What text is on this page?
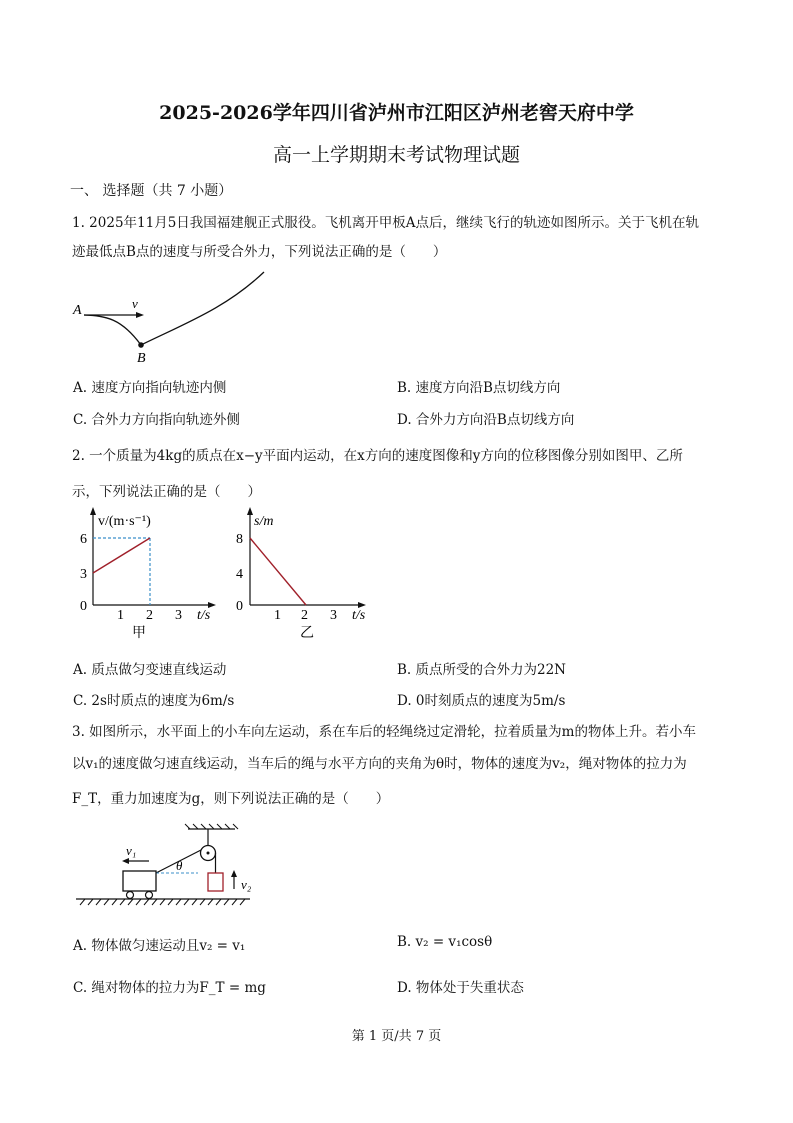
2025-2026学年四川省泸州市江阳区泸州老窖天府中学
高一上学期期末考试物理试题
一、 选择题（共 7 小题）
1. 2025年11月5日我国福建舰正式服役。飞机离开甲板A点后，继续飞行的轨迹如图所示。关于飞机在轨
迹最低点B点的速度与所受合外力，下列说法正确的是（　　）
A	v
B
A. 速度方向指向轨迹内侧	B. 速度方向沿B点切线方向
C. 合外力方向指向轨迹外侧	D. 合外力方向沿B点切线方向
2. 一个质量为4kg的质点在x−y平面内运动，在x方向的速度图像和y方向的位移图像分别如图甲、乙所
示，下列说法正确的是（　　）
v/(m·s⁻¹)
6
3
0
1 2 3 t/s
甲
s/m
8
4
0
1 2 3 t/s
乙
A. 质点做匀变速直线运动	B. 质点所受的合外力为22N
C. 2s时质点的速度为6m/s	D. 0时刻质点的速度为5m/s
3. 如图所示，水平面上的小车向左运动，系在车后的轻绳绕过定滑轮，拉着质量为m的物体上升。若小车
以v₁的速度做匀速直线运动，当车后的绳与水平方向的夹角为θ时，物体的速度为v₂，绳对物体的拉力为
F_T，重力加速度为g，则下列说法正确的是（　　）
v₂
θ
v₁
A. 物体做匀速运动且v₂ = v₁	B. v₂ = v₁cosθ
C. 绳对物体的拉力为F_T = mg	D. 物体处于失重状态
第 1 页/共 7 页
